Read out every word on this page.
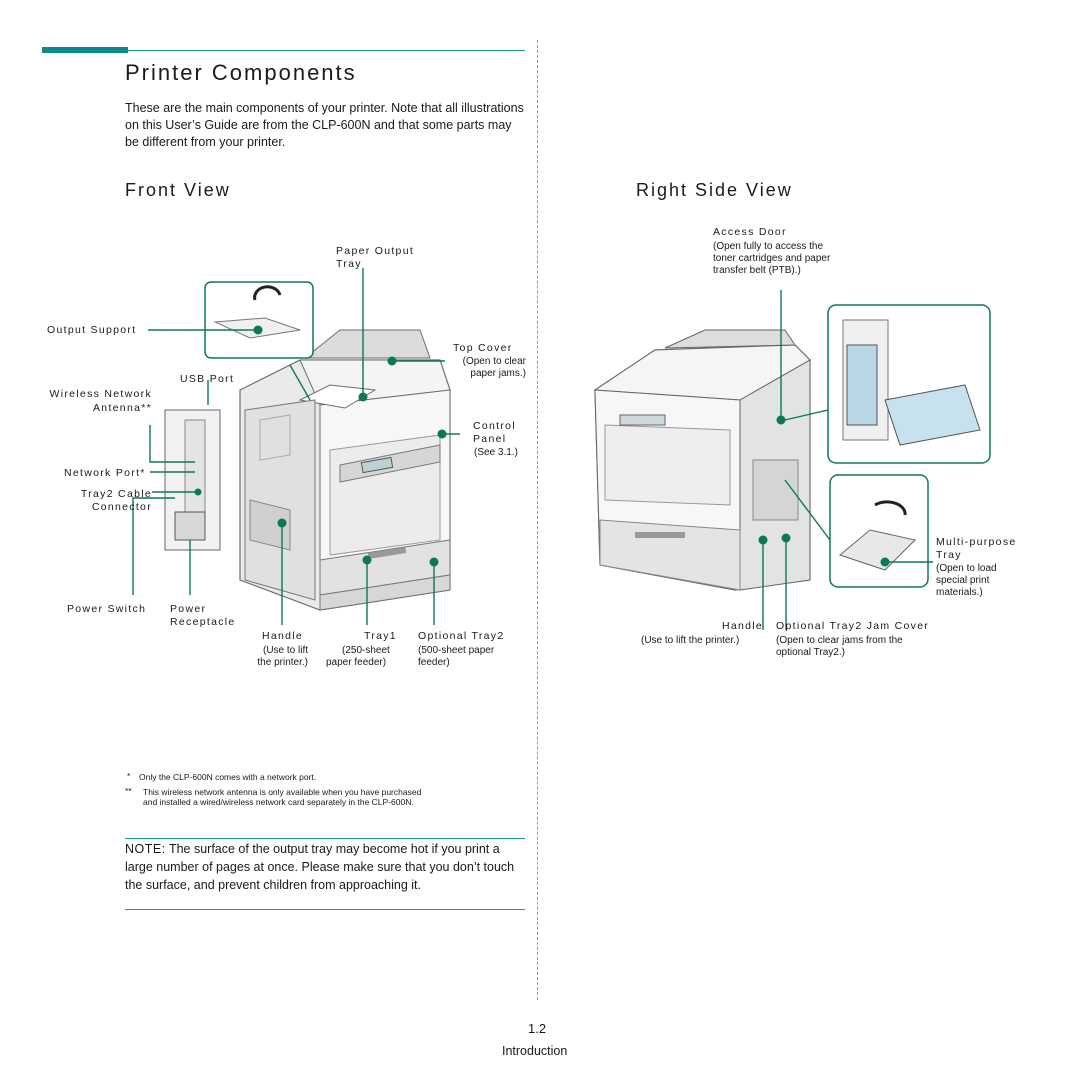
Printer Components
These are the main components of your printer. Note that all illustrations on this User’s Guide are from the CLP-600N and that some parts may be different from your printer.
Front View	Right Side View
Output Support
USB Port
Wireless Network
Antenna**
Network Port*
Tray2 Cable
Connector
Power Switch Power
Receptacle
Paper Output
Tray
Top Cover
(Open to clear
paper jams.)
Control
Panel
(See 3.1.)
Handle
(Use to lift
the printer.)
Tray1
(250-sheet
paper feeder)
Optional Tray2
(500-sheet paper
feeder)
Access Door
(Open fully to access the
toner cartridges and paper
transfer belt (PTB).)
Multi-purpose
Tray
(Open to load
special print
materials.)
Handle
(Use to lift the printer.)
Optional Tray2 Jam Cover
(Open to clear jams from the
optional Tray2.)
* Only the CLP-600N comes with a network port.
** This wireless network antenna is only available when you have purchased
and installed a wired/wireless network card separately in the CLP-600N.
NOTE: The surface of the output tray may become hot if you print a large number of pages at once. Please make sure that you don’t touch the surface, and prevent children from approaching it.
1.2
Introduction
